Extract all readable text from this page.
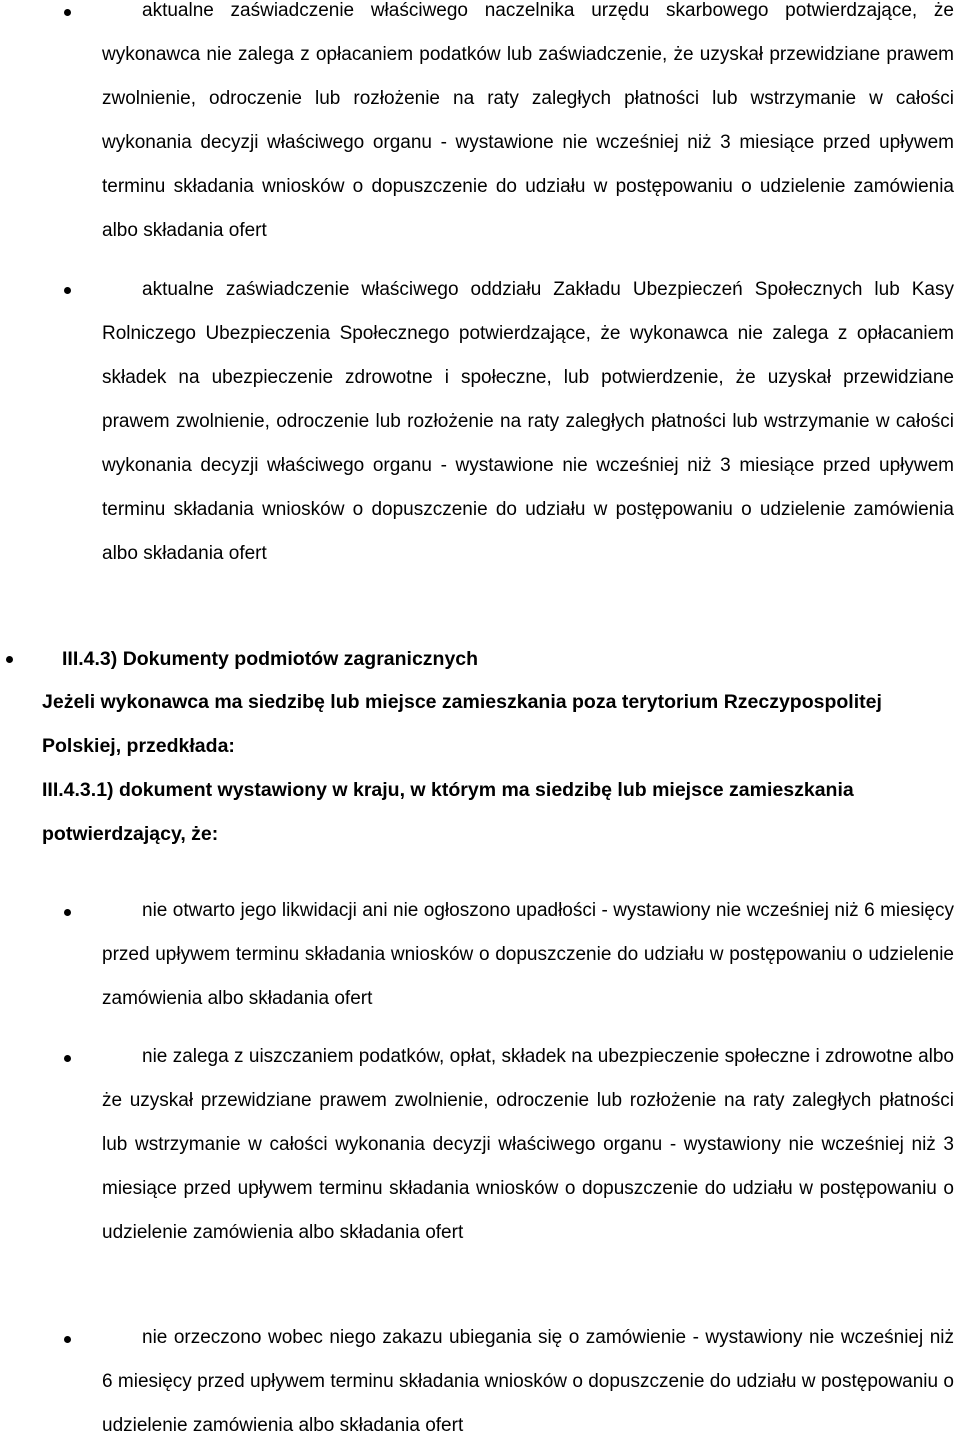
aktualne zaświadczenie właściwego naczelnika urzędu skarbowego potwierdzające, że wykonawca nie zalega z opłacaniem podatków lub zaświadczenie, że uzyskał przewidziane prawem zwolnienie, odroczenie lub rozłożenie na raty zaległych płatności lub wstrzymanie w całości wykonania decyzji właściwego organu - wystawione nie wcześniej niż 3 miesiące przed upływem terminu składania wniosków o dopuszczenie do udziału w postępowaniu o udzielenie zamówienia albo składania ofert

aktualne zaświadczenie właściwego oddziału Zakładu Ubezpieczeń Społecznych lub Kasy Rolniczego Ubezpieczenia Społecznego potwierdzające, że wykonawca nie zalega z opłacaniem składek na ubezpieczenie zdrowotne i społeczne, lub potwierdzenie, że uzyskał przewidziane prawem zwolnienie, odroczenie lub rozłożenie na raty zaległych płatności lub wstrzymanie w całości wykonania decyzji właściwego organu - wystawione nie wcześniej niż 3 miesiące przed upływem terminu składania wniosków o dopuszczenie do udziału w postępowaniu o udzielenie zamówienia albo składania ofert

III.4.3) Dokumenty podmiotów zagranicznych

Jeżeli wykonawca ma siedzibę lub miejsce zamieszkania poza terytorium Rzeczypospolitej Polskiej, przedkłada:

III.4.3.1) dokument wystawiony w kraju, w którym ma siedzibę lub miejsce zamieszkania potwierdzający, że:

nie otwarto jego likwidacji ani nie ogłoszono upadłości - wystawiony nie wcześniej niż 6 miesięcy przed upływem terminu składania wniosków o dopuszczenie do udziału w postępowaniu o udzielenie zamówienia albo składania ofert

nie zalega z uiszczaniem podatków, opłat, składek na ubezpieczenie społeczne i zdrowotne albo że uzyskał przewidziane prawem zwolnienie, odroczenie lub rozłożenie na raty zaległych płatności lub wstrzymanie w całości wykonania decyzji właściwego organu - wystawiony nie wcześniej niż 3 miesiące przed upływem terminu składania wniosków o dopuszczenie do udziału w postępowaniu o udzielenie zamówienia albo składania ofert

nie orzeczono wobec niego zakazu ubiegania się o zamówienie - wystawiony nie wcześniej niż 6 miesięcy przed upływem terminu składania wniosków o dopuszczenie do udziału w postępowaniu o udzielenie zamówienia albo składania ofert
